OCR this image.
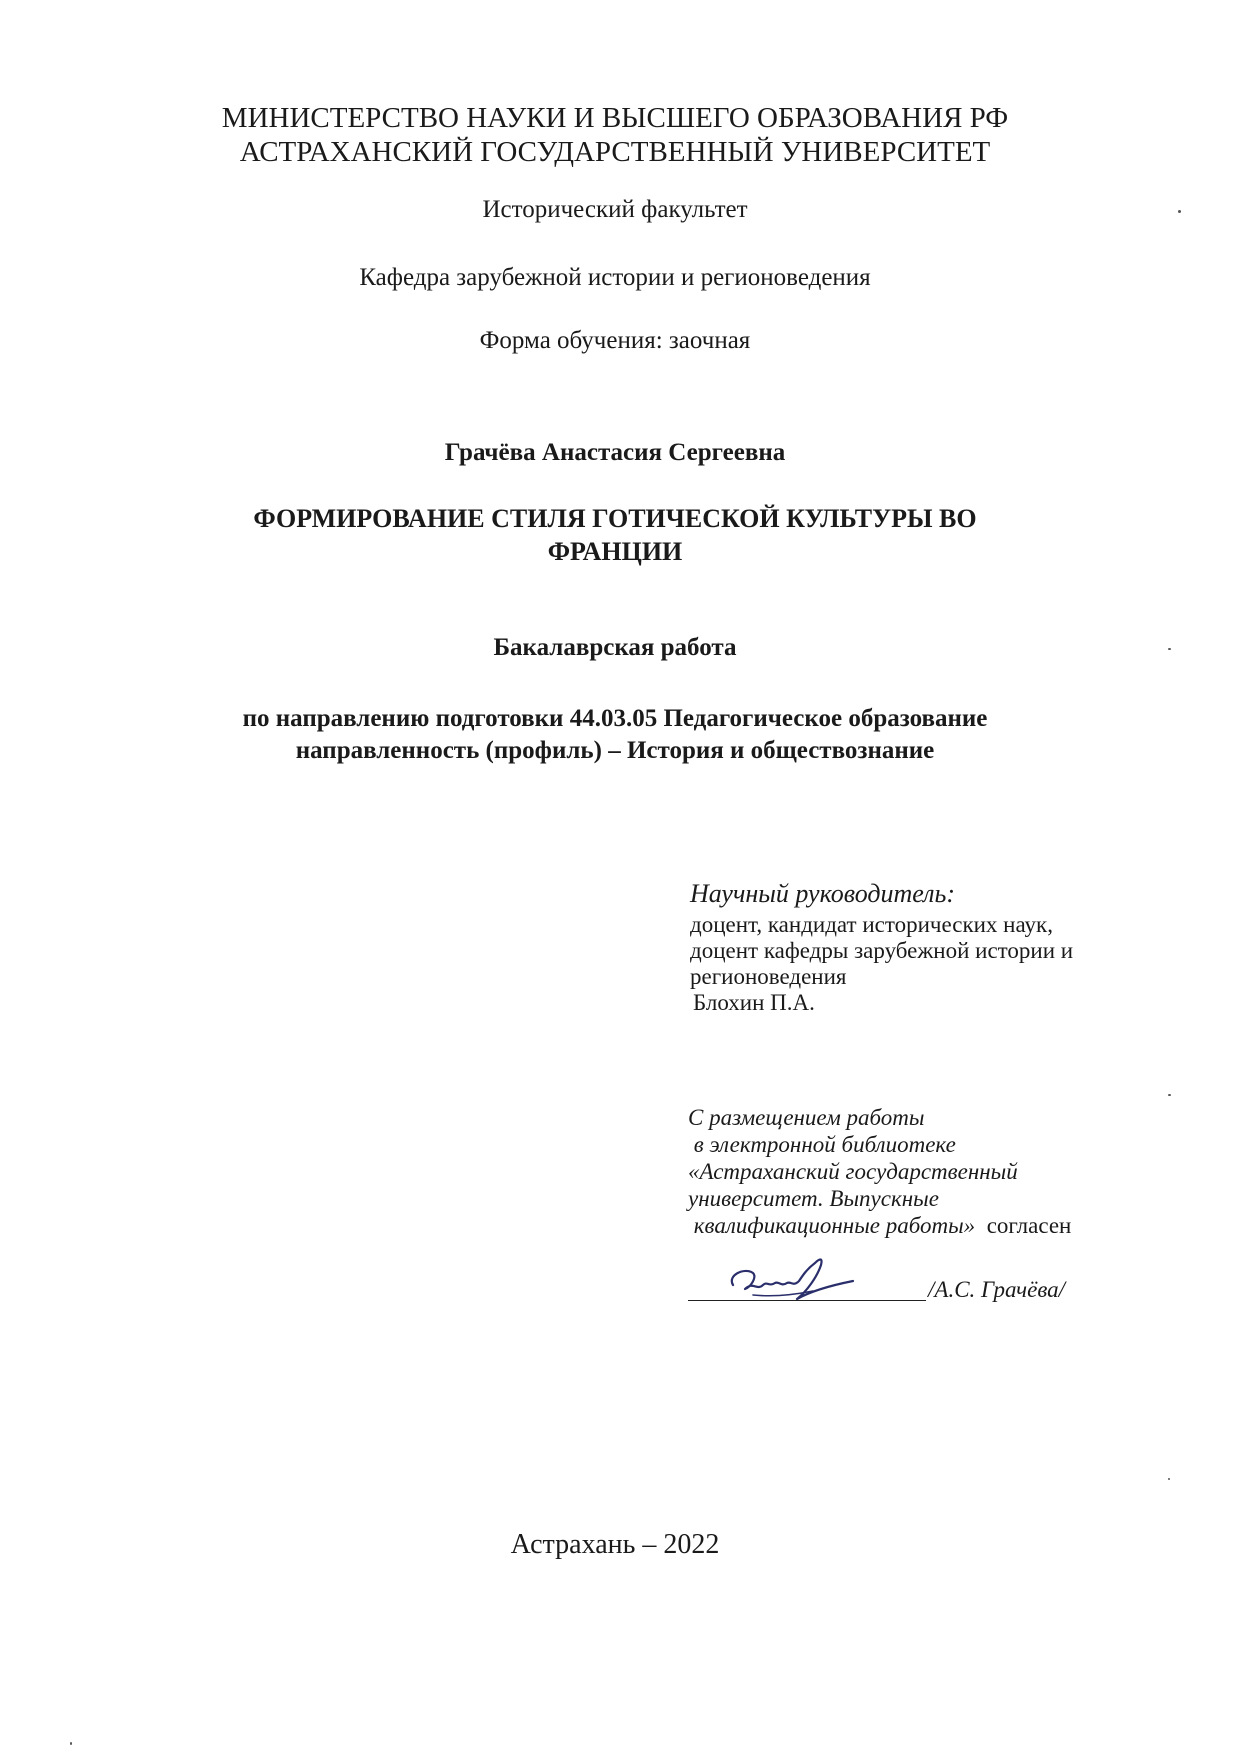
МИНИСТЕРСТВО НАУКИ И ВЫСШЕГО ОБРАЗОВАНИЯ РФ
АСТРАХАНСКИЙ ГОСУДАРСТВЕННЫЙ УНИВЕРСИТЕТ
Исторический факультет
Кафедра зарубежной истории и регионоведения
Форма обучения: заочная
Грачёва Анастасия Сергеевна
ФОРМИРОВАНИЕ СТИЛЯ ГОТИЧЕСКОЙ КУЛЬТУРЫ ВО
ФРАНЦИИ
Бакалаврская работа
по направлению подготовки 44.03.05 Педагогическое образование
направленность (профиль) – История и обществознание
Научный руководитель:
доцент, кандидат исторических наук,
доцент кафедры зарубежной истории и
регионоведения
Блохин П.А.
С размещением работы
в электронной библиотеке
«Астраханский государственный
университет. Выпускные
квалификационные работы»  согласен
/А.С. Грачёва/
Астрахань – 2022
